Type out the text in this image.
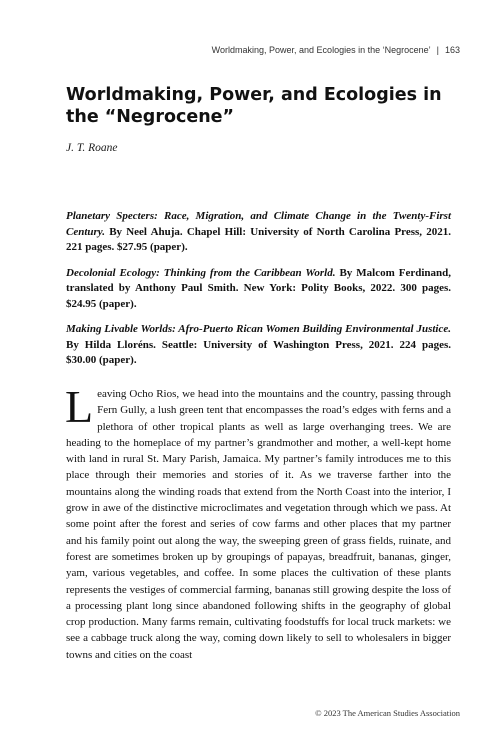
Worldmaking, Power, and Ecologies in the ‘Negrocene’ | 163
Worldmaking, Power, and Ecologies in the “Negrocene”

J. T. Roane

Planetary Specters: Race, Migration, and Climate Change in the Twenty-First Century. By Neel Ahuja. Chapel Hill: University of North Carolina Press, 2021. 221 pages. $27.95 (paper).

Decolonial Ecology: Thinking from the Caribbean World. By Malcom Ferdinand, translated by Anthony Paul Smith. New York: Polity Books, 2022. 300 pages. $24.95 (paper).

Making Livable Worlds: Afro-Puerto Rican Women Building Environmental Justice. By Hilda Lloréns. Seattle: University of Washington Press, 2021. 224 pages. $30.00 (paper).

Leaving Ocho Rios, we head into the mountains and the country, passing through Fern Gully, a lush green tent that encompasses the road’s edges with ferns and a plethora of other tropical plants as well as large overhanging trees. We are heading to the homeplace of my partner’s grandmother and mother, a well-kept home with land in rural St. Mary Parish, Jamaica. My partner’s family introduces me to this place through their memories and stories of it. As we traverse farther into the mountains along the winding roads that extend from the North Coast into the interior, I grow in awe of the distinctive microclimates and vegetation through which we pass. At some point after the forest and series of cow farms and other places that my partner and his family point out along the way, the sweeping green of grass fields, ruinate, and forest are sometimes broken up by groupings of papayas, breadfruit, bananas, ginger, yam, various vegetables, and coffee. In some places the cultivation of these plants represents the vestiges of commercial farming, bananas still growing despite the loss of a processing plant long since abandoned following shifts in the geography of global crop production. Many farms remain, cultivating foodstuffs for local truck markets: we see a cabbage truck along the way, coming down likely to sell to wholesalers in bigger towns and cities on the coast

© 2023 The American Studies Association
